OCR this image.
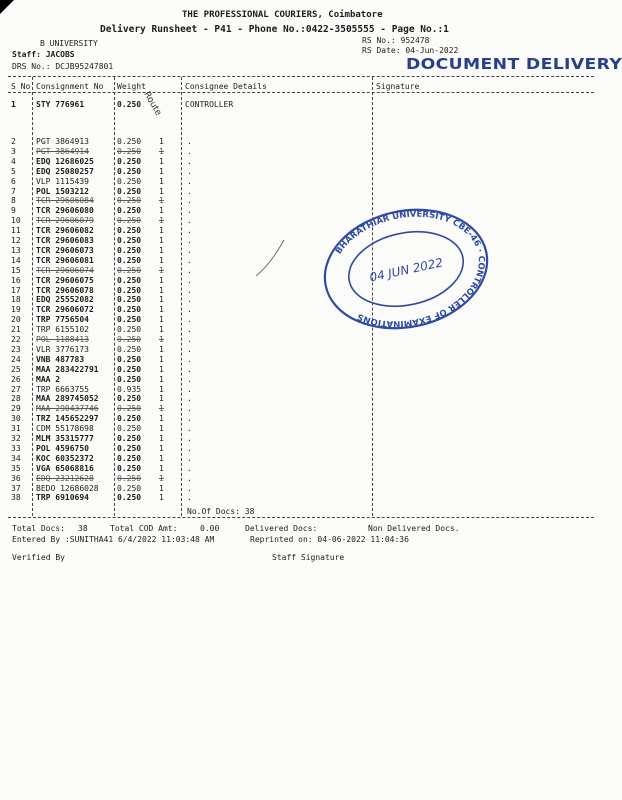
THE PROFESSIONAL COURIERS, Coimbatore
Delivery Runsheet - P41 - Phone No.:0422-3505555 - Page No.:1
B UNIVERSITY
Staff: JACOBS
DRS No.: DCJB95247801
RS No.: 952478
RS Date: 04-Jun-2022
DOCUMENT DELIVERY
S No Consignment No Weight	Consignee Details	Signature
1	STY 776961	0.250	CONTROLLER
Route
2	PGT 3864913	0.250 1	.
3	PGT 3864914	0.250 1	.
4	EDQ 12686025	0.250 1	.
5	EDQ 25080257	0.250 1	.
6	VLP 1115439	0.250 1	.
7	POL 1503212	0.250 1	.
8	TCR 29606084	0.250 1	.
9	TCR 29606080	0.250 1	.
10 TCR 29606079	0.250 1	.
11 TCR 29606082	0.250 1	.
12 TCR 29606083	0.250 1	.
13 TCR 29606073	0.250 1	.
14 TCR 29606081	0.250 1	.
15 TCR 29606074	0.250 1	.
16 TCR 29606075	0.250 1	.
17 TCR 29606078	0.250 1	.
18 EDQ 25552082	0.250 1	.
19 TCR 29606072	0.250 1	.
20 TRP 7756504	0.250 1	.
21 TRP 6155102	0.250 1	.
22 POL 1188413	0.250 1	.
23 VLR 3776173	0.250 1	.
24 VNB 487783	0.250 1	.
25 MAA 283422791 0.250 1	.
26 MAA 2	0.250 1	.
27 TRP 6663755	0.935 1	.
28 MAA 289745052 0.250 1	.
29 MAA 290437746 0.250 1	.
30 TRZ 145652297 0.250 1	.
31 CDM 55178698	0.250 1	.
32 MLM 35315777	0.250 1	.
33 POL 4596750	0.250 1	.
34 KOC 60352372	0.250 1	.
35 VGA 65068816	0.250 1	.
36 EDQ 23212628	0.250 1	.
37 BEDO 12686028 0.250 1	.
38 TRP 6910694	0.250 1	.
No.Of Docs: 38
BHARATHIAR UNIVERSITY CBE-46 · CONTROLLER OF EXAMINATIONS
04 JUN 2022
Total Docs: 38	Total COD Amt:	0.00	Delivered Docs:	Non Delivered Docs.
Entered By :SUNITHA41 6/4/2022 11:03:48 AM	Reprinted on: 04-06-2022 11:04:36
Verified By	Staff Signature
